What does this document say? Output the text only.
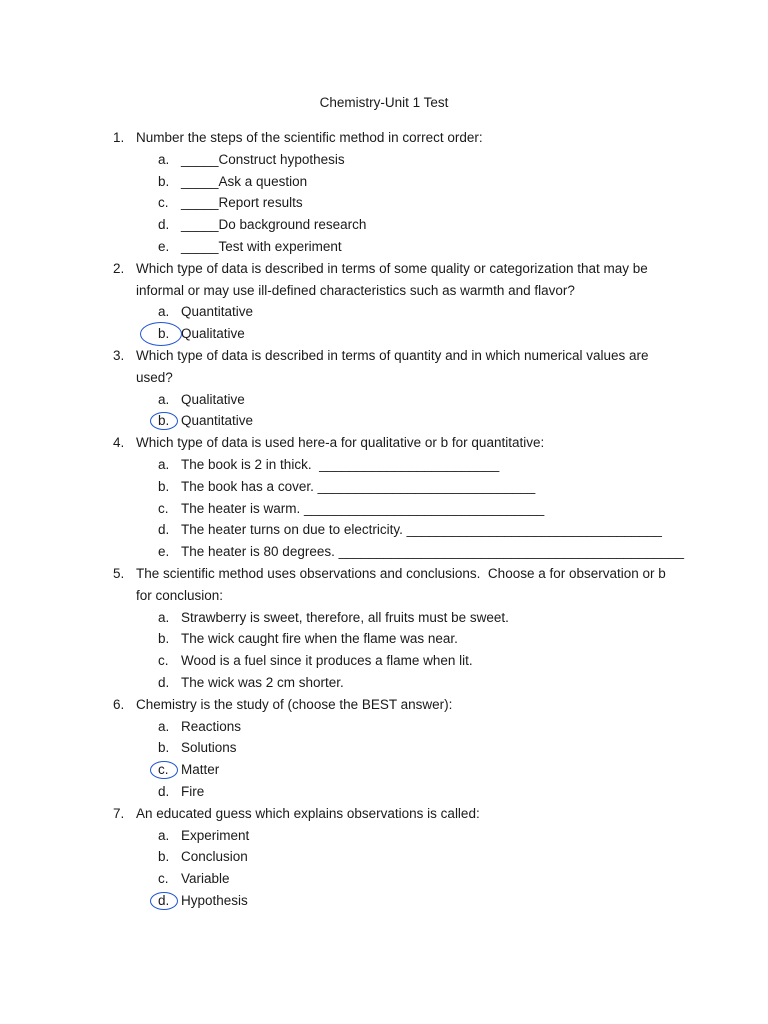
Chemistry-Unit 1 Test
1. Number the steps of the scientific method in correct order:
a. _____Construct hypothesis
b. _____Ask a question
c. _____Report results
d. _____Do background research
e. _____Test with experiment
2. Which type of data is described in terms of some quality or categorization that may be
informal or may use ill-defined characteristics such as warmth and flavor?
a. Quantitative
b. Qualitative
3. Which type of data is described in terms of quantity and in which numerical values are
used?
a. Qualitative
b. Quantitative
4. Which type of data is used here-a for qualitative or b for quantitative:
a. The book is 2 in thick.  ________________________
b. The book has a cover. _____________________________
c. The heater is warm. ________________________________
d. The heater turns on due to electricity. __________________________________
e. The heater is 80 degrees. ______________________________________________
5. The scientific method uses observations and conclusions.  Choose a for observation or b
for conclusion:
a. Strawberry is sweet, therefore, all fruits must be sweet.
b. The wick caught fire when the flame was near.
c. Wood is a fuel since it produces a flame when lit.
d. The wick was 2 cm shorter.
6. Chemistry is the study of (choose the BEST answer):
a. Reactions
b. Solutions
c. Matter
d. Fire
7. An educated guess which explains observations is called:
a. Experiment
b. Conclusion
c. Variable
d. Hypothesis
